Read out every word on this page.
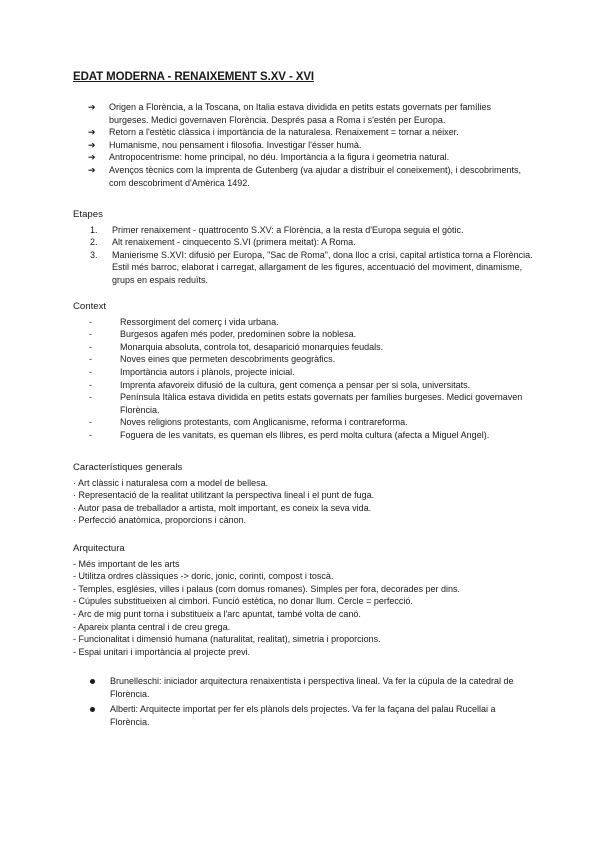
EDAT MODERNA - RENAIXEMENT S.XV - XVI

➔ Origen a Florència, a la Toscana, on Italia estava dividida en petits estats governats per famílies burgeses. Medici governaven Florència. Després pasa a Roma i s'estén per Europa.

➔ Retorn a l'estètic clàssica i importància de la naturalesa. Renaixement = tornar a néixer.

➔ Humanisme, nou pensament i filosofia. Investigar l'ésser humà.

➔ Antropocentrisme: home principal, no déu. Importància a la figura i geometria natural.

➔ Avenços tècnics com la imprenta de Gutenberg (va ajudar a distribuir el coneixement), i descobriments, com descobriment d'Amèrica 1492.

Etapes

1. Primer renaixement - quattrocento S.XV: a Florència, a la resta d'Europa seguia el gòtic.

2. Alt renaixement - cinquecento S.VI (primera meitat): A Roma.

3. Manierisme S.XVI: difusió per Europa, "Sac de Roma", dona lloc a crisi, capital artística torna a Florència. Estil més barroc, elaborat i carregat, allargament de les figures, accentuació del moviment, dinamisme, grups en espais reduïts.

Context

-	Ressorgiment del comerç i vida urbana.

-	Burgesos agafen més poder, predominen sobre la noblesa.

-	Monarquia absoluta, controla tot, desaparició monarquies feudals.

-	Noves eines que permeten descobriments geogràfics.

-	Importància autors i plànols, projecte inicial.

-	Imprenta afavoreix difusió de la cultura, gent comença a pensar per si sola, universitats.

-	Península Itàlica estava dividida en petits estats governats per famílies burgeses. Medici governaven Florència.

-	Noves religions protestants, com Anglicanisme, reforma i contrareforma.

-	Foguera de les vanitats, es queman els llibres, es perd molta cultura (afecta a Miguel Angel).

Característiques generals

· Art clàssic i naturalesa com a model de bellesa.

· Representació de la realitat utilitzant la perspectiva lineal i el punt de fuga.

· Autor pasa de treballador a artista, molt important, es coneix la seva vida.

· Perfecció anatòmica, proporcions i cànon.

Arquitectura

- Més important de les arts

- Utilitza ordres clàssiques -> doric, jonic, corinti, compost i toscà.

- Temples, esglésies, villes i palaus (com domus romanes). Simples per fora, decorades per dins.

- Cúpules substitueixen al cimbori. Funció estètica, no donar llum. Cercle = perfecció.

- Arc de mig punt torna i substitueix a l'arc apuntat, també volta de canó.

- Apareix planta central i de creu grega.

- Funcionalitat i dimensió humana (naturalitat, realitat), simetria i proporcions.

- Espai unitari i importància al projecte previ.

Brunelleschi: iniciador arquitectura renaixentista i perspectiva lineal. Va fer la cúpula de la catedral de Florència.

Alberti: Arquitecte importat per fer els plànols dels projectes. Va fer la façana del palau Rucellai a Florència.
